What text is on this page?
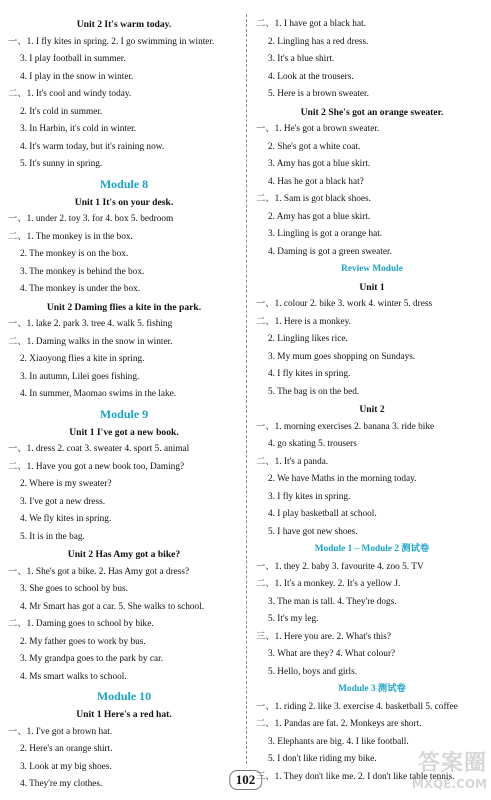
Unit 2 It's warm today.
一、1. I fly kites in spring. 2. I go swimming in winter.
3. I play football in summer.
4. I play in the snow in winter.
二、1. It's cool and windy today.
2. It's cold in summer.
3. In Harbin, it's cold in winter.
4. It's warm today, but it's raining now.
5. It's sunny in spring.
Module 8
Unit 1 It's on your desk.
一、1. under 2. toy 3. for 4. box 5. bedroom
二、1. The monkey is in the box.
2. The monkey is on the box.
3. The monkey is behind the box.
4. The monkey is under the box.
Unit 2 Daming flies a kite in the park.
一、1. lake 2. park 3. tree 4. walk 5. fishing
二、1. Daming walks in the snow in winter.
2. Xiaoyong flies a kite in spring.
3. In autumn, Lilei goes fishing.
4. In summer, Maomao swims in the lake.
Module 9
Unit 1 I've got a new book.
一、1. dress 2. coat 3. sweater 4. sport 5. animal
二、1. Have you got a new book too, Daming?
2. Where is my sweater?
3. I've got a new dress.
4. We fly kites in spring.
5. It is in the bag.
Unit 2 Has Amy got a bike?
一、1. She's got a bike. 2. Has Amy got a dress?
3. She goes to school by bus.
4. Mr Smart has got a car. 5. She walks to school.
二、1. Daming goes to school by bike.
2. My father goes to work by bus.
3. My grandpa goes to the park by car.
4. Ms smart walks to school.
Module 10
Unit 1 Here's a red hat.
一、1. I've got a brown hat.
2. Here's an orange shirt.
3. Look at my big shoes.
4. They're my clothes.
二、1. I have got a black hat.
2. Lingling has a red dress.
3. It's a blue shirt.
4. Look at the trousers.
5. Here is a brown sweater.
Unit 2 She's got an orange sweater.
一、1. He's got a brown sweater.
2. She's got a white coat.
3. Amy has got a blue skirt.
4. Has he got a black hat?
二、1. Sam is got black shoes.
2. Amy has got a blue skirt.
3. Lingling is got a orange hat.
4. Daming is got a green sweater.
Review Module
Unit 1
一、1. colour 2. bike 3. work 4. winter 5. dress
二、1. Here is a monkey.
2. Lingling likes rice.
3. My mum goes shopping on Sundays.
4. I fly kites in spring.
5. The bag is on the bed.
Unit 2
一、1. morning exercises 2. banana 3. ride bike
4. go skating 5. trousers
二、1. It's a panda.
2. We have Maths in the morning today.
3. I fly kites in spring.
4. I play basketball at school.
5. I have got new shoes.
Module 1 – Module 2 测试卷
一、1. they 2. baby 3. favourite 4. zoo 5. TV
二、1. It's a monkey. 2. It's a yellow J.
3. The man is tall. 4. They're dogs.
5. It's my leg.
三、1. Here you are. 2. What's this?
3. What are they? 4. What colour?
5. Hello, boys and girls.
Module 3 测试卷
一、1. riding 2. like 3. exercise 4. basketball 5. coffee
二、1. Pandas are fat. 2. Monkeys are short.
3. Elephants are big. 4. I like football.
5. I don't like riding my bike.
三、1. They don't like me. 2. I don't like table tennis.
102
答案圈
MXQE.COM
